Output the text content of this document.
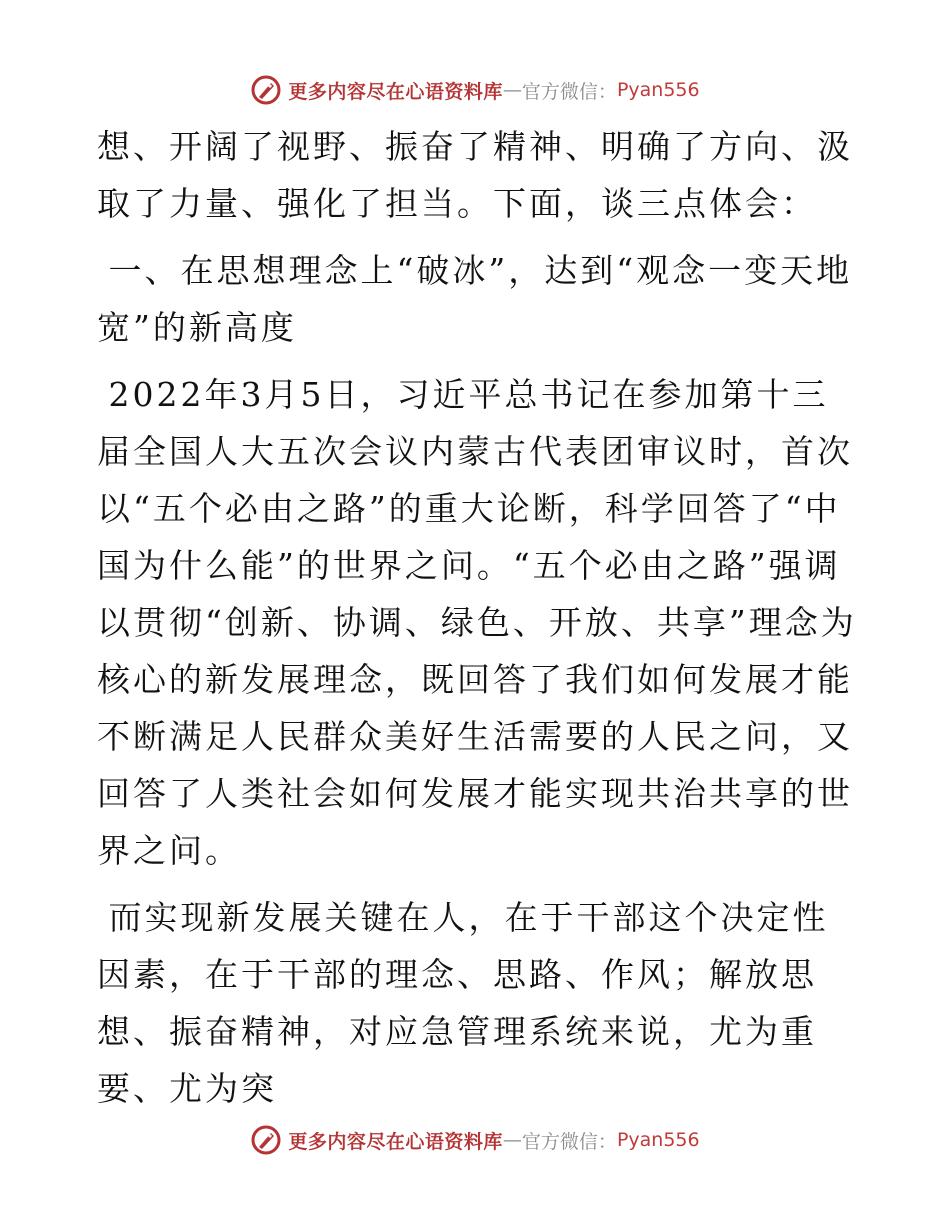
更多内容尽在心语资料库 — 官方微信： Pyan556

想、开阔了视野、振奋了精神、明确了方向、汲取了力量、强化了担当。下面，谈三点体会：

一、在思想理念上“破冰”，达到“观念一变天地宽”的新高度

2022年3月5日，习近平总书记在参加第十三届全国人大五次会议内蒙古代表团审议时，首次以“五个必由之路”的重大论断，科学回答了“中国为什么能”的世界之问。“五个必由之路”强调以贯彻“创新、协调、绿色、开放、共享”理念为核心的新发展理念，既回答了我们如何发展才能不断满足人民群众美好生活需要的人民之问，又回答了人类社会如何发展才能实现共治共享的世界之问。

而实现新发展关键在人，在于干部这个决定性因素，在于干部的理念、思路、作风；解放思想、振奋精神，对应急管理系统来说，尤为重要、尤为突

更多内容尽在心语资料库 — 官方微信： Pyan556
